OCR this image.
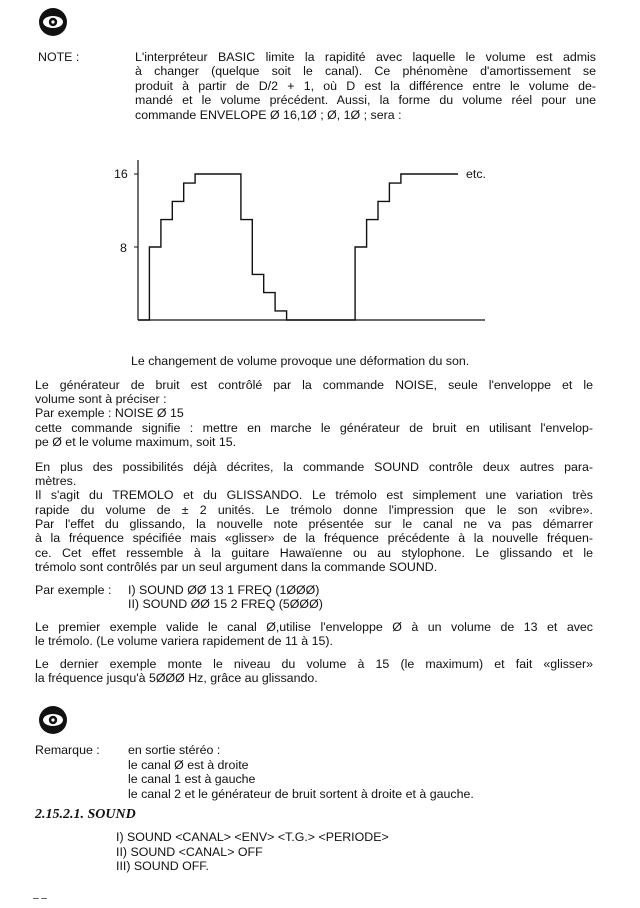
NOTE :	L'interpréteur BASIC limite la rapidité avec laquelle le volume est admis
à changer (quelque soit le canal). Ce phénomène d'amortissement se
produit à partir de D/2 + 1, où D est la différence entre le volume de-
mandé et le volume précédent. Aussi, la forme du volume réel pour une
commande ENVELOPE Ø 16,1Ø ; Ø, 1Ø ; sera :
16
8
etc.
Le changement de volume provoque une déformation du son.
Le générateur de bruit est contrôlé par la commande NOISE, seule l'enveloppe et le
volume sont à préciser :
Par exemple : NOISE Ø 15
cette commande signifie : mettre en marche le générateur de bruit en utilisant l'envelop-
pe Ø et le volume maximum, soit 15.
En plus des possibilités déjà décrites, la commande SOUND contrôle deux autres para-
mètres.
Il s'agit du TREMOLO et du GLISSANDO. Le trémolo est simplement une variation très
rapide du volume de ± 2 unités. Le trémolo donne l'impression que le son «vibre».
Par l'effet du glissando, la nouvelle note présentée sur le canal ne va pas démarrer
à la fréquence spécifiée mais «glisser» de la fréquence précédente à la nouvelle fréquen-
ce. Cet effet ressemble à la guitare Hawaïenne ou au stylophone. Le glissando et le
trémolo sont contrôlés par un seul argument dans la commande SOUND.
Par exemple : I) SOUND ØØ 13 1 FREQ (1ØØØ)
II) SOUND ØØ 15 2 FREQ (5ØØØ)
Le premier exemple valide le canal Ø,utilise l'enveloppe Ø à un volume de 13 et avec
le trémolo. (Le volume variera rapidement de 11 à 15).
Le dernier exemple monte le niveau du volume à 15 (le maximum) et fait «glisser»
la fréquence jusqu'à 5ØØØ Hz, grâce au glissando.
Remarque : en sortie stéréo :
le canal Ø est à droite
le canal 1 est à gauche
le canal 2 et le générateur de bruit sortent à droite et à gauche.
2.15.2.1. SOUND
I) SOUND <CANAL> <ENV> <T.G.> <PERIODE>
II) SOUND <CANAL> OFF
III) SOUND OFF.
– –
